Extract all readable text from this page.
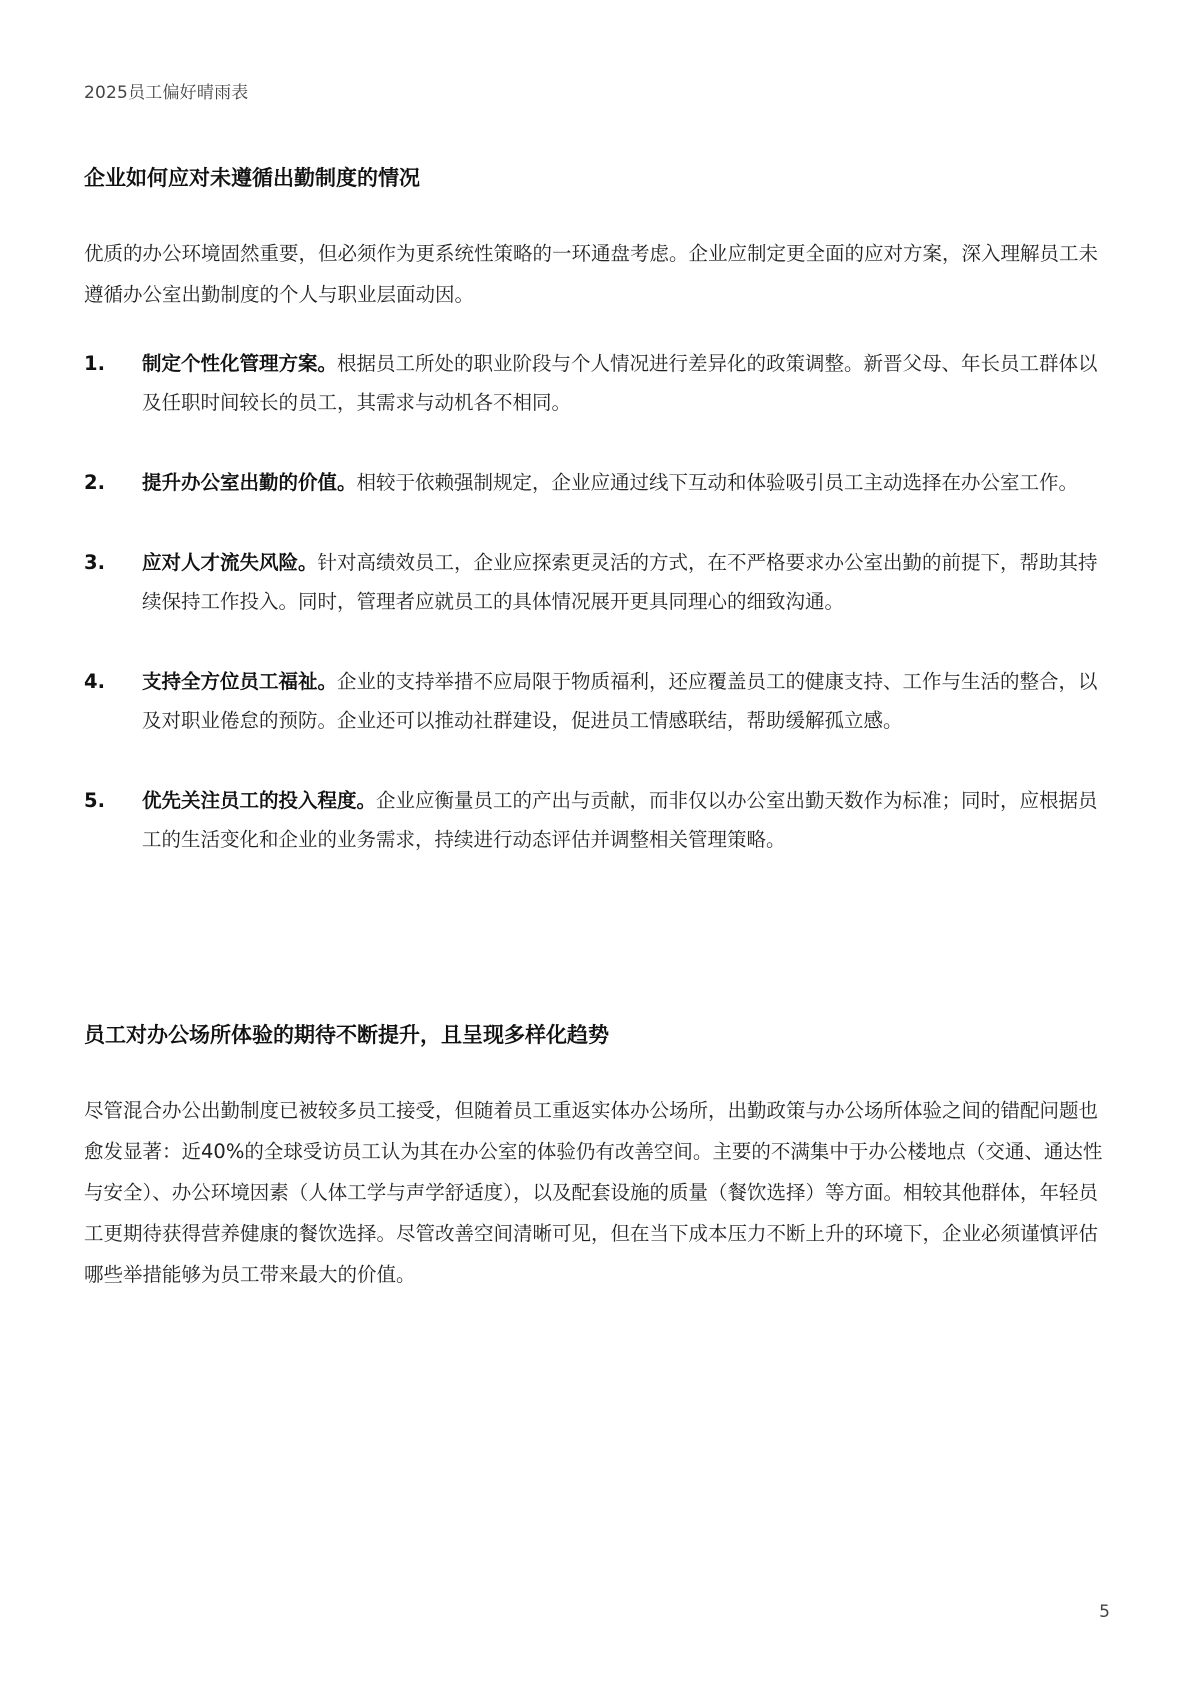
2025员工偏好晴雨表
企业如何应对未遵循出勤制度的情况

优质的办公环境固然重要，但必须作为更系统性策略的一环通盘考虑。企业应制定更全面的应对方案，深入理解员工未遵循办公室出勤制度的个人与职业层面动因。

1. 制定个性化管理方案。根据员工所处的职业阶段与个人情况进行差异化的政策调整。新晋父母、年长员工群体以及任职时间较长的员工，其需求与动机各不相同。
2. 提升办公室出勤的价值。相较于依赖强制规定，企业应通过线下互动和体验吸引员工主动选择在办公室工作。
3. 应对人才流失风险。针对高绩效员工，企业应探索更灵活的方式，在不严格要求办公室出勤的前提下，帮助其持续保持工作投入。同时，管理者应就员工的具体情况展开更具同理心的细致沟通。
4. 支持全方位员工福祉。企业的支持举措不应局限于物质福利，还应覆盖员工的健康支持、工作与生活的整合，以及对职业倦怠的预防。企业还可以推动社群建设，促进员工情感联结，帮助缓解孤立感。
5. 优先关注员工的投入程度。企业应衡量员工的产出与贡献，而非仅以办公室出勤天数作为标准；同时，应根据员工的生活变化和企业的业务需求，持续进行动态评估并调整相关管理策略。
员工对办公场所体验的期待不断提升，且呈现多样化趋势

尽管混合办公出勤制度已被较多员工接受，但随着员工重返实体办公场所，出勤政策与办公场所体验之间的错配问题也愈发显著：近40%的全球受访员工认为其在办公室的体验仍有改善空间。主要的不满集中于办公楼地点（交通、通达性与安全）、办公环境因素（人体工学与声学舒适度），以及配套设施的质量（餐饮选择）等方面。相较其他群体，年轻员工更期待获得营养健康的餐饮选择。尽管改善空间清晰可见，但在当下成本压力不断上升的环境下，企业必须谨慎评估哪些举措能够为员工带来最大的价值。

5
